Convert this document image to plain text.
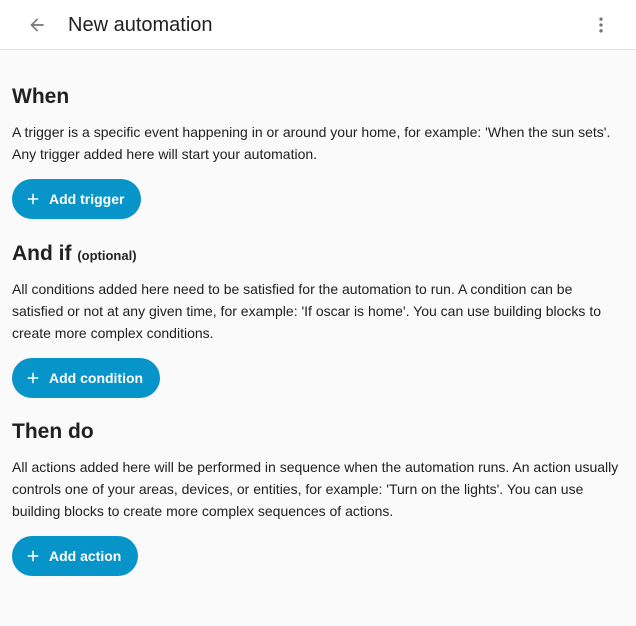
New automation
When

A trigger is a specific event happening in or around your home, for example: 'When the sun sets'. Any trigger added here will start your automation.

Add trigger
And if (optional)

All conditions added here need to be satisfied for the automation to run. A condition can be satisfied or not at any given time, for example: 'If oscar is home'. You can use building blocks to create more complex conditions.

Add condition
Then do

All actions added here will be performed in sequence when the automation runs. An action usually controls one of your areas, devices, or entities, for example: 'Turn on the lights'. You can use building blocks to create more complex sequences of actions.

Add action
